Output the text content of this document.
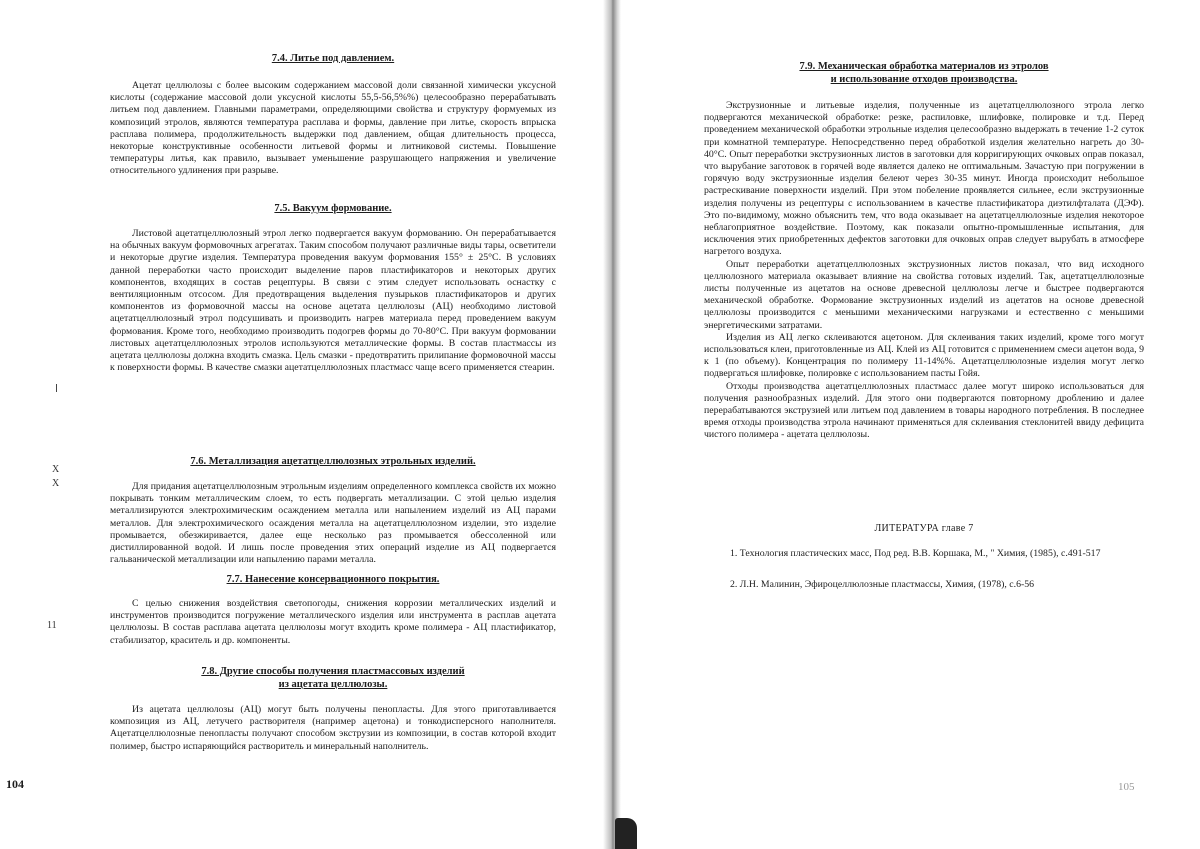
X
X
11

7.4. Литье под давлением.

Ацетат целлюлозы с более высоким содержанием массовой доли связанной химически уксусной кислоты (содержание массовой доли уксусной кислоты 55,5-56,5%%) целесообразно перерабатывать литьем под давлением. Главными параметрами, определяющими свойства и структуру формуемых из композиций этролов, являются температура расплава и формы, давление при литье, скорость впрыска расплава полимера, продолжительность выдержки под давлением, общая длительность процесса, некоторые конструктивные особенности литьевой формы и литниковой системы. Повышение температуры литья, как правило, вызывает уменьшение разрушающего напряжения и увеличение относительного удлинения при разрыве.

7.5. Вакуум формование.

Листовой ацетатцеллюлозный этрол легко подвергается вакуум формованию. Он перерабатывается на обычных вакуум формовочных агрегатах. Таким способом получают различные виды тары, осветители и некоторые другие изделия. Температура проведения вакуум формования 155° ± 25°С. В условиях данной переработки часто происходит выделение паров пластификаторов и некоторых других компонентов, входящих в состав рецептуры. В связи с этим следует использовать оснастку с вентиляционным отсосом. Для предотвращения выделения пузырьков пластификаторов и других компонентов из формовочной массы на основе ацетата целлюлозы (АЦ) необходимо листовой ацетатцеллюлозный этрол подсушивать и производить нагрев материала перед проведением вакуум формования. Кроме того, необходимо производить подогрев формы до 70-80°С. При вакуум формовании листовых ацетатцеллюлозных этролов используются металлические формы. В состав пластмассы из ацетата целлюлозы должна входить смазка. Цель смазки - предотвратить прилипание формовочной массы к поверхности формы. В качестве смазки ацетатцеллюлозных пластмасс чаще всего применяется стеарин.

7.6. Металлизация ацетатцеллюлозных этрольных изделий.

Для придания ацетатцеллюлозным этрольным изделиям определенного комплекса свойств их можно покрывать тонким металлическим слоем, то есть подвергать металлизации. С этой целью изделия металлизируются электрохимическим осаждением металла или напылением изделий из АЦ парами металлов. Для электрохимического осаждения металла на ацетатцеллюлозном изделии, это изделие промывается, обезжиривается, далее еще несколько раз промывается обессоленной или дистиллированной водой. И лишь после проведения этих операций изделие из АЦ подвергается гальванической металлизации или напылению парами металла.

7.7. Нанесение консервационного покрытия.

С целью снижения воздействия светопогоды, снижения коррозии металлических изделий и инструментов производится погружение металлического изделия или инструмента в расплав ацетата целлюлозы. В состав расплава ацетата целлюлозы могут входить кроме полимера - АЦ пластификатор, стабилизатор, краситель и др. компоненты.

7.8. Другие способы получения пластмассовых изделий

из ацетата целлюлозы.

Из ацетата целлюлозы (АЦ) могут быть получены пенопласты. Для этого приготавливается композиция из АЦ, летучего растворителя (например ацетона) и тонкодисперсного наполнителя. Ацетатцеллюлозные пенопласты получают способом экструзии из композиции, в состав которой входит полимер, быстро испаряющийся растворитель и минеральный наполнитель.

104

7.9. Механическая обработка материалов из этролов

и использование отходов производства.

Экструзионные и литьевые изделия, полученные из ацетатцеллюлозного этрола легко подвергаются механической обработке: резке, распиловке, шлифовке, полировке и т.д. Перед проведением механической обработки этрольные изделия целесообразно выдержать в течение 1-2 суток при комнатной температуре. Непосредственно перед обработкой изделия желательно нагреть до 30-40°С. Опыт переработки экструзионных листов в заготовки для корригирующих очковых оправ показал, что вырубание заготовок в горячей воде является далеко не оптимальным. Зачастую при погружении в горячую воду экструзионные изделия белеют через 30-35 минут. Иногда происходит небольшое растрескивание поверхности изделий. При этом побеление проявляется сильнее, если экструзионные изделия получены из рецептуры с использованием в качестве пластификатора диэтилфталата (ДЭФ). Это по-видимому, можно объяснить тем, что вода оказывает на ацетатцеллюлозные изделия некоторое неблагоприятное воздействие. Поэтому, как показали опытно-промышленные испытания, для исключения этих приобретенных дефектов заготовки для очковых оправ следует вырубать в атмосфере нагретого воздуха.

Опыт переработки ацетатцеллюлозных экструзионных листов показал, что вид исходного целлюлозного материала оказывает влияние на свойства готовых изделий. Так, ацетатцеллюлозные листы полученные из ацетатов на основе древесной целлюлозы легче и быстрее подвергаются механической обработке. Формование экструзионных изделий из ацетатов на основе древесной целлюлозы производится с меньшими механическими нагрузками и естественно с меньшими энергетическими затратами.

Изделия из АЦ легко склеиваются ацетоном. Для склеивания таких изделий, кроме того могут использоваться клеи, приготовленные из АЦ. Клей из АЦ готовится с применением смеси ацетон вода, 9 к 1 (по объему). Концентрация по полимеру 11-14%%. Ацетатцеллюлозные изделия могут легко подвергаться шлифовке, полировке с использованием пасты Гойя.

Отходы производства ацетатцеллюлозных пластмасс далее могут широко использоваться для получения разнообразных изделий. Для этого они подвергаются повторному дроблению и далее перерабатываются экструзией или литьем под давлением в товары народного потребления. В последнее время отходы производства этрола начинают применяться для склеивания стеклонитей ввиду дефицита чистого полимера - ацетата целлюлозы.

ЛИТЕРАТУРА главе 7
1. Технология пластических масс, Под ред. В.В. Коршака, М., " Химия, (1985), с.491-517
2. Л.Н. Малинин, Эфироцеллюлозные пластмассы, Химия, (1978), с.6-56
105
